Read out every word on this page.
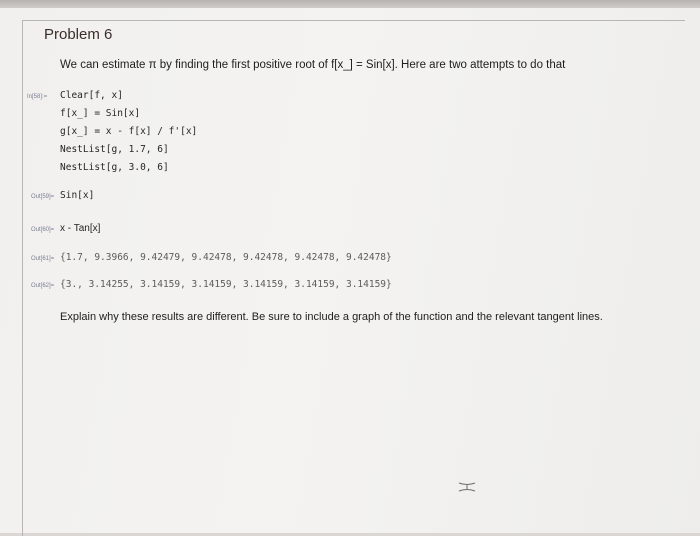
Problem 6
We can estimate π by finding the first positive root of f[x_] = Sin[x]. Here are two attempts to do that
In[58]:= Clear[f, x]
f[x_] = Sin[x]
g[x_] = x - f[x] / f'[x]
NestList[g, 1.7, 6]
NestList[g, 3.0, 6]
Out[59]= Sin[x]
Out[60]= x - Tan[x]
Out[61]= {1.7, 9.3966, 9.42479, 9.42478, 9.42478, 9.42478, 9.42478}
Out[62]= {3., 3.14255, 3.14159, 3.14159, 3.14159, 3.14159, 3.14159}
Explain why these results are different. Be sure to include a graph of the function and the relevant tangent lines.
